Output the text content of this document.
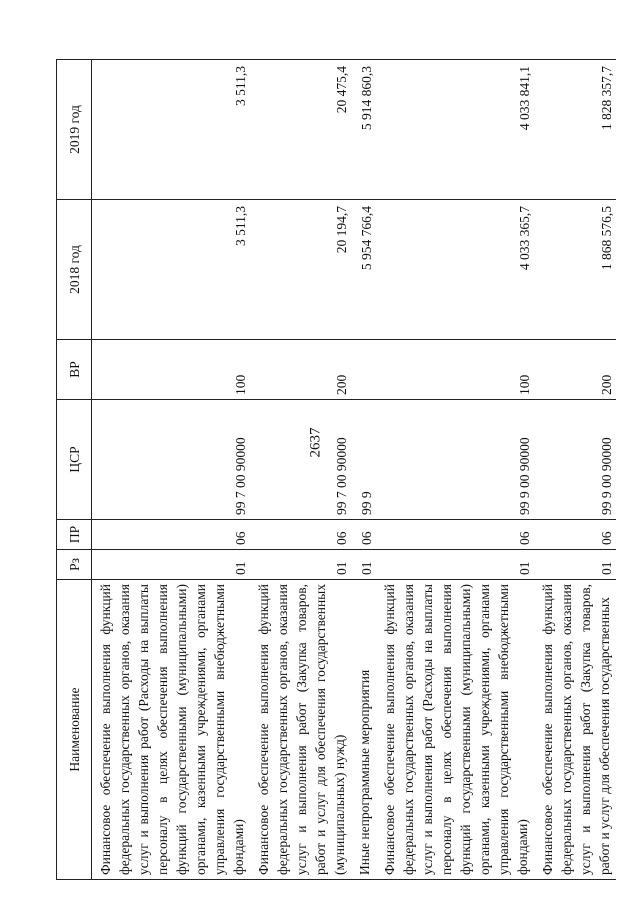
2637
Наименование	Рз	ПР	ЦСР	ВР	2018 год	2019 год
Финансовое обеспечение выполнения функций федеральных государственных органов, оказания услуг и выполнения работ (Расходы на выплаты персоналу в целях обеспечения выполнения функций государственными (муниципальными) органами, казенными учреждениями, органами управления государственными внебюджетными фондами)	01	06	99 7 00 90000	100	3 511,3	3 511,3
Финансовое обеспечение выполнения функций федеральных государственных органов, оказания услуг и выполнения работ (Закупка товаров, работ и услуг для обеспечения государственных (муниципальных) нужд)	01	06	99 7 00 90000	200	20 194,7	20 475,4
Иные непрограммные мероприятия	01	06	99 9		5 954 766,4	5 914 860,3
Финансовое обеспечение выполнения функций федеральных государственных органов, оказания услуг и выполнения работ (Расходы на выплаты персоналу в целях обеспечения выполнения функций государственными (муниципальными) органами, казенными учреждениями, органами управления государственными внебюджетными фондами)	01	06	99 9 00 90000	100	4 033 365,7	4 033 841,1
Финансовое обеспечение выполнения функций федеральных государственных органов, оказания услуг и выполнения работ (Закупка товаров, работ и услуг для обеспечения государственных	01	06	99 9 00 90000	200	1 868 576,5	1 828 357,7
